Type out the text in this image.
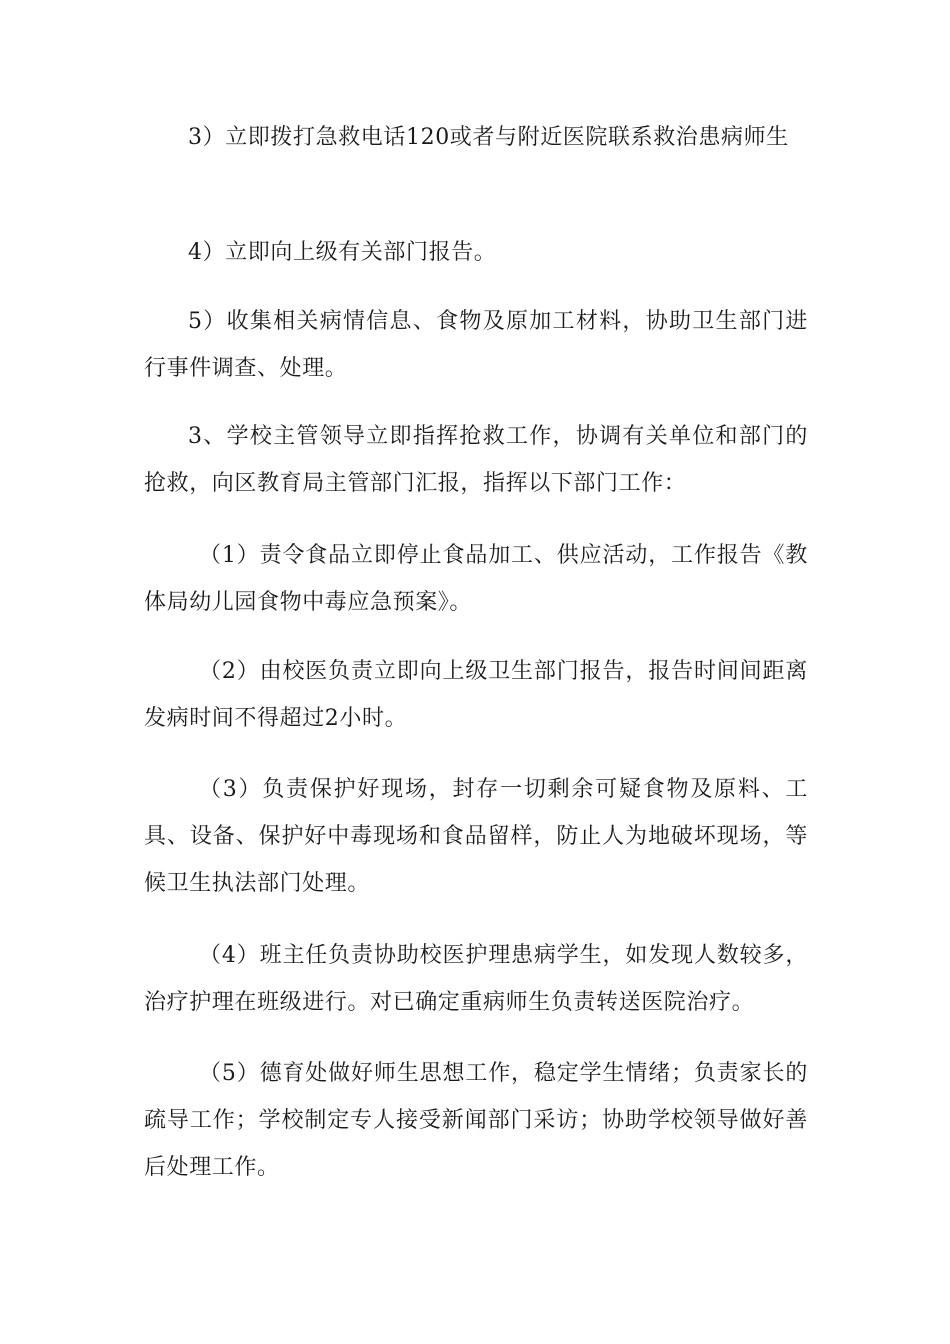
3）立即拨打急救电话120或者与附近医院联系救治患病师生

4）立即向上级有关部门报告。

5）收集相关病情信息、食物及原加工材料，协助卫生部门进行事件调查、处理。

3、学校主管领导立即指挥抢救工作，协调有关单位和部门的抢救，向区教育局主管部门汇报，指挥以下部门工作：

（1）责令食品立即停止食品加工、供应活动，工作报告《教体局幼儿园食物中毒应急预案》。

（2）由校医负责立即向上级卫生部门报告，报告时间间距离发病时间不得超过2小时。

（3）负责保护好现场，封存一切剩余可疑食物及原料、工具、设备、保护好中毒现场和食品留样，防止人为地破坏现场，等候卫生执法部门处理。

（4）班主任负责协助校医护理患病学生，如发现人数较多，治疗护理在班级进行。对已确定重病师生负责转送医院治疗。

（5）德育处做好师生思想工作，稳定学生情绪；负责家长的疏导工作；学校制定专人接受新闻部门采访；协助学校领导做好善后处理工作。
